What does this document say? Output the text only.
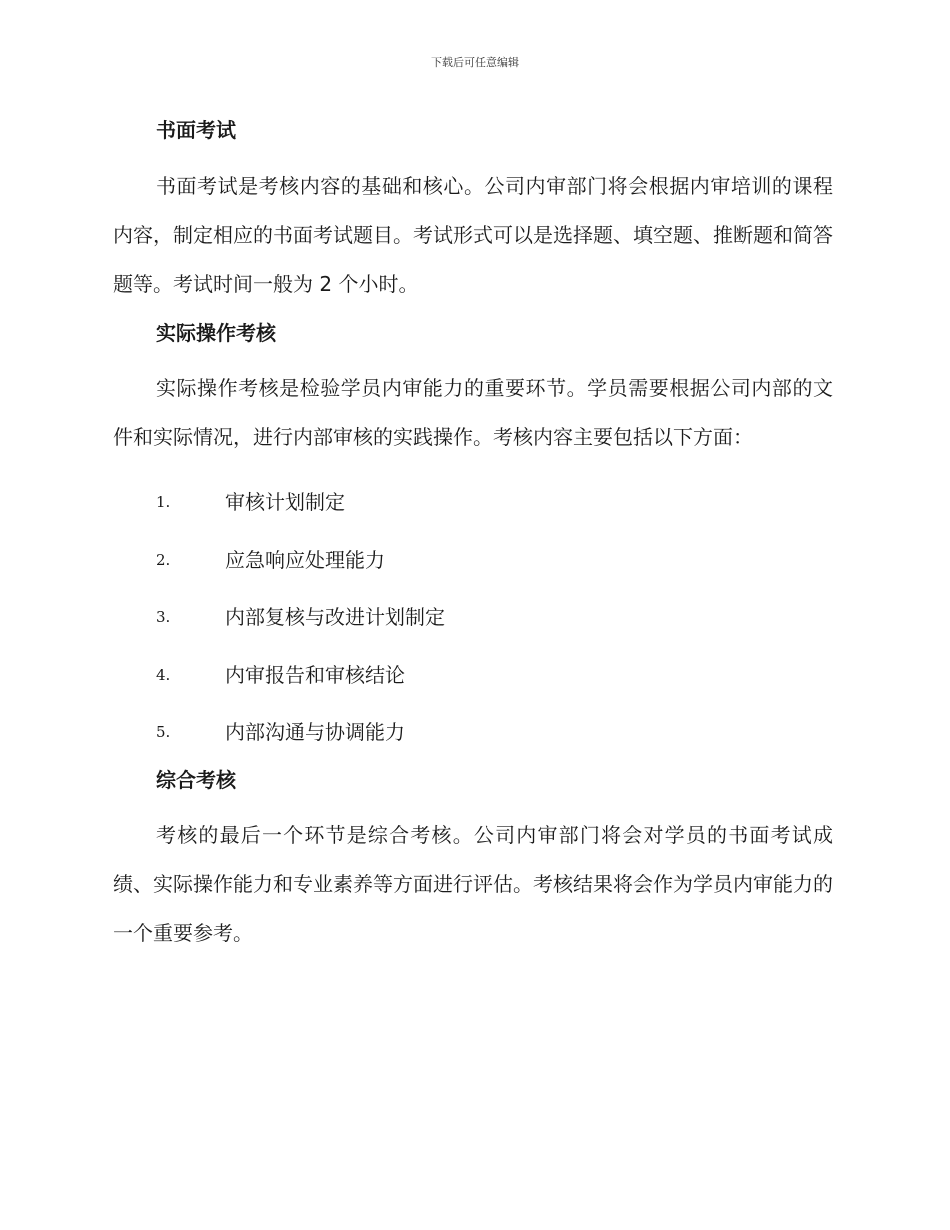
下载后可任意编辑
书面考试

书面考试是考核内容的基础和核心。公司内审部门将会根据内审培训的课程内容，制定相应的书面考试题目。考试形式可以是选择题、填空题、推断题和简答题等。考试时间一般为 2 个小时。

实际操作考核

实际操作考核是检验学员内审能力的重要环节。学员需要根据公司内部的文件和实际情况，进行内部审核的实践操作。考核内容主要包括以下方面：

1.	审核计划制定
2.	应急响应处理能力
3.	内部复核与改进计划制定
4.	内审报告和审核结论
5.	内部沟通与协调能力
综合考核

考核的最后一个环节是综合考核。公司内审部门将会对学员的书面考试成绩、实际操作能力和专业素养等方面进行评估。考核结果将会作为学员内审能力的一个重要参考。
